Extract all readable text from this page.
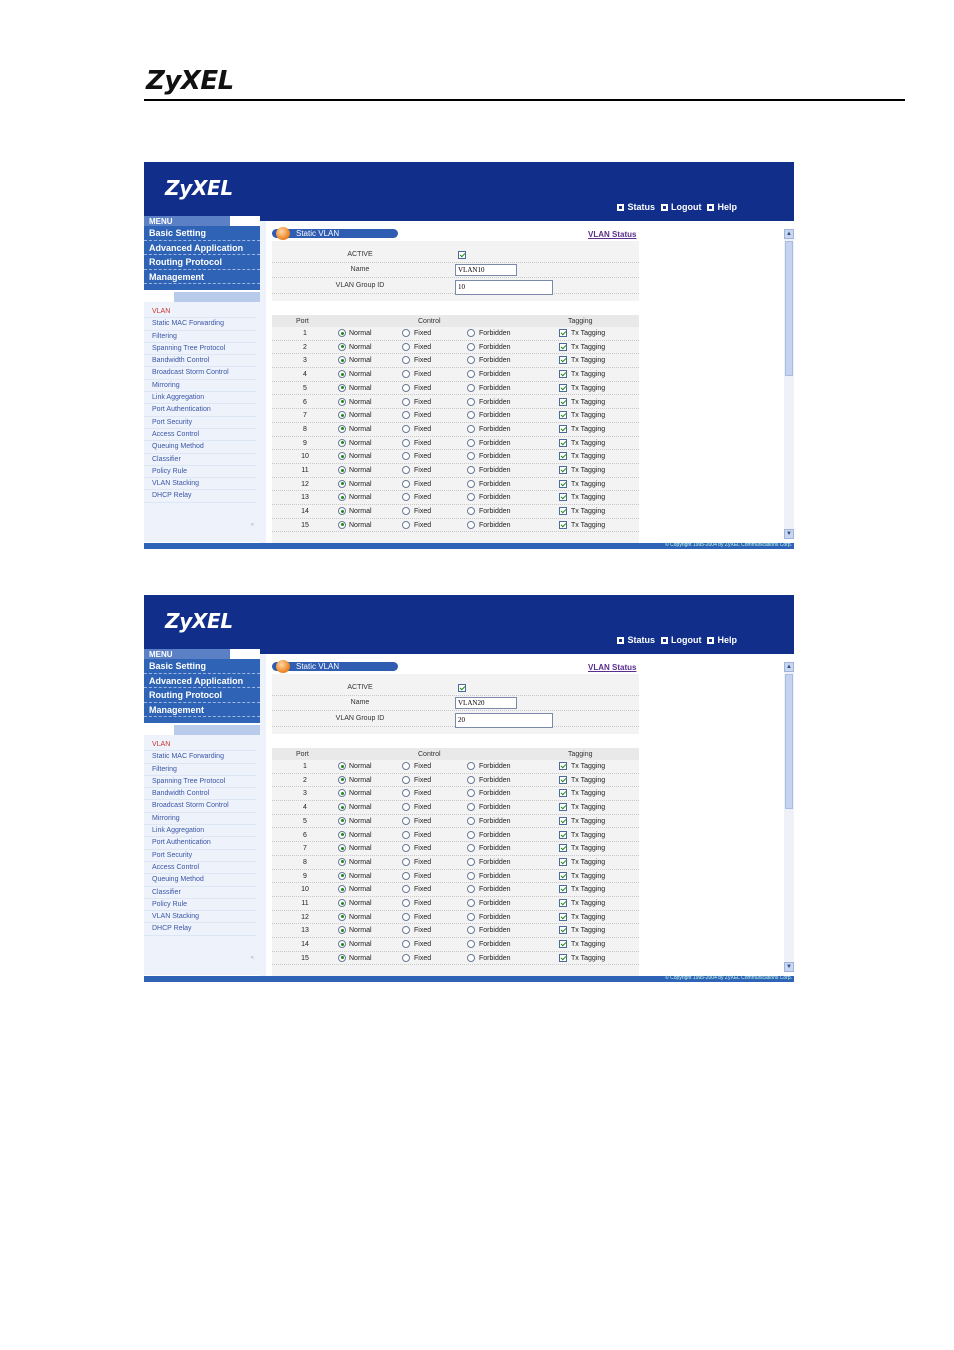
ZyXEL
ZyXEL
Status Logout Help
MENU
Basic Setting
Advanced Application
Routing Protocol
Management
VLAN
Static MAC Forwarding
Filtering
Spanning Tree Protocol
Bandwidth Control
Broadcast Storm Control
Mirroring
Link Aggregation
Port Authentication
Port Security
Access Control
Queuing Method
Classifier
Policy Rule
VLAN Stacking
DHCP Relay
«
Static VLAN	VLAN Status
ACTIVE
Name	VLAN10
VLAN Group ID	10
Port	Control	Tagging
1	Normal	Fixed	Forbidden	Tx Tagging
2	Normal	Fixed	Forbidden	Tx Tagging
3	Normal	Fixed	Forbidden	Tx Tagging
4	Normal	Fixed	Forbidden	Tx Tagging
5	Normal	Fixed	Forbidden	Tx Tagging
6	Normal	Fixed	Forbidden	Tx Tagging
7	Normal	Fixed	Forbidden	Tx Tagging
8	Normal	Fixed	Forbidden	Tx Tagging
9	Normal	Fixed	Forbidden	Tx Tagging
10	Normal	Fixed	Forbidden	Tx Tagging
11	Normal	Fixed	Forbidden	Tx Tagging
12	Normal	Fixed	Forbidden	Tx Tagging
13	Normal	Fixed	Forbidden	Tx Tagging
14	Normal	Fixed	Forbidden	Tx Tagging
15	Normal	Fixed	Forbidden	Tx Tagging
▲
▼
© Copyright 1995-2004 by ZyXEL Communications Corp.
ZyXEL
Status Logout Help
MENU
Basic Setting
Advanced Application
Routing Protocol
Management
VLAN
Static MAC Forwarding
Filtering
Spanning Tree Protocol
Bandwidth Control
Broadcast Storm Control
Mirroring
Link Aggregation
Port Authentication
Port Security
Access Control
Queuing Method
Classifier
Policy Rule
VLAN Stacking
DHCP Relay
«
Static VLAN	VLAN Status
ACTIVE
Name	VLAN20
VLAN Group ID	20
Port	Control	Tagging
1	Normal	Fixed	Forbidden	Tx Tagging
2	Normal	Fixed	Forbidden	Tx Tagging
3	Normal	Fixed	Forbidden	Tx Tagging
4	Normal	Fixed	Forbidden	Tx Tagging
5	Normal	Fixed	Forbidden	Tx Tagging
6	Normal	Fixed	Forbidden	Tx Tagging
7	Normal	Fixed	Forbidden	Tx Tagging
8	Normal	Fixed	Forbidden	Tx Tagging
9	Normal	Fixed	Forbidden	Tx Tagging
10	Normal	Fixed	Forbidden	Tx Tagging
11	Normal	Fixed	Forbidden	Tx Tagging
12	Normal	Fixed	Forbidden	Tx Tagging
13	Normal	Fixed	Forbidden	Tx Tagging
14	Normal	Fixed	Forbidden	Tx Tagging
15	Normal	Fixed	Forbidden	Tx Tagging
▲
▼
© Copyright 1995-2004 by ZyXEL Communications Corp.
